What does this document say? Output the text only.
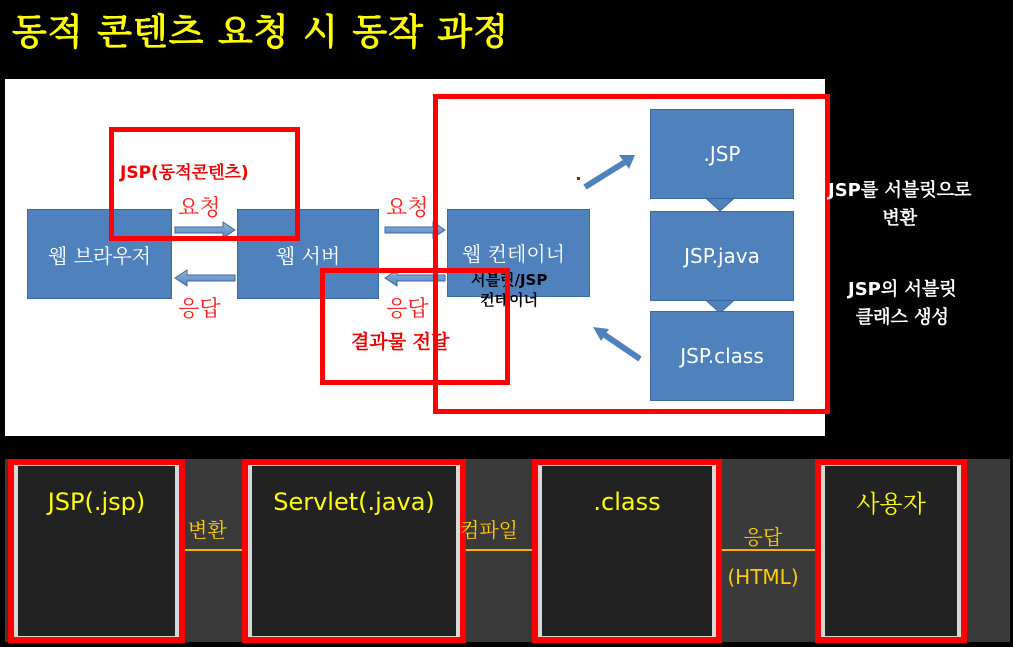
동적 콘텐츠 요청 시 동작 과정
웹 브라우저	웹 서버	웹 컨테이너
.JSP
JSP.java
JSP.class
요청
응답
요청
응답
JSP(동적콘텐츠)
결과물 전달
서블릿/JSP
컨테이너
JSP를 서블릿으로
변환
JSP의 서블릿
클래스 생성
JSP(.jsp)	Servlet(.java)	.class	사용자
변환	컴파일	응답
(HTML)
